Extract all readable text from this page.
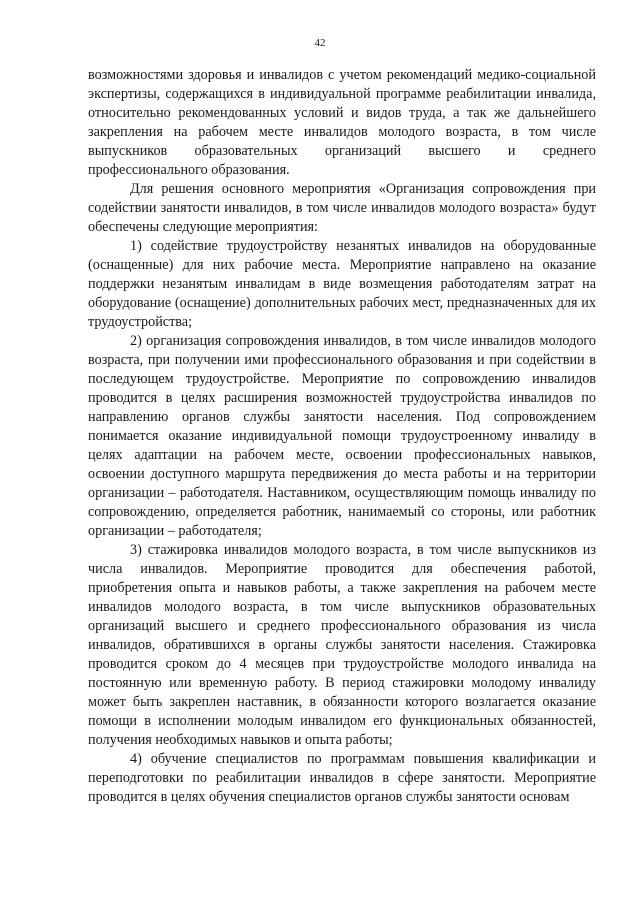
42

возможностями здоровья и инвалидов с учетом рекомендаций медико-социальной экспертизы, содержащихся в индивидуальной программе реабилитации инвалида, относительно рекомендованных условий и видов труда, а так же дальнейшего закрепления на рабочем месте инвалидов молодого возраста, в том числе выпускников образовательных организаций высшего и среднего профессионального образования.

Для решения основного мероприятия «Организация сопровождения при содействии занятости инвалидов, в том числе инвалидов молодого возраста» будут обеспечены следующие мероприятия:

1) содействие трудоустройству незанятых инвалидов на оборудованные (оснащенные) для них рабочие места. Мероприятие направлено на оказание поддержки незанятым инвалидам в виде возмещения работодателям затрат на оборудование (оснащение) дополнительных рабочих мест, предназначенных для их трудоустройства;

2) организация сопровождения инвалидов, в том числе инвалидов молодого возраста, при получении ими профессионального образования и при содействии в последующем трудоустройстве. Мероприятие по сопровождению инвалидов проводится в целях расширения возможностей трудоустройства инвалидов по направлению органов службы занятости населения. Под сопровождением понимается оказание индивидуальной помощи трудоустроенному инвалиду в целях адаптации на рабочем месте, освоении профессиональных навыков, освоении доступного маршрута передвижения до места работы и на территории организации – работодателя. Наставником, осуществляющим помощь инвалиду по сопровождению, определяется работник, нанимаемый со стороны, или работник организации – работодателя;

3) стажировка инвалидов молодого возраста, в том числе выпускников из числа инвалидов. Мероприятие проводится для обеспечения работой, приобретения опыта и навыков работы, а также закрепления на рабочем месте инвалидов молодого возраста, в том числе выпускников образовательных организаций высшего и среднего профессионального образования из числа инвалидов, обратившихся в органы службы занятости населения. Стажировка проводится сроком до 4 месяцев при трудоустройстве молодого инвалида на постоянную или временную работу. В период стажировки молодому инвалиду может быть закреплен наставник, в обязанности которого возлагается оказание помощи в исполнении молодым инвалидом его функциональных обязанностей, получения необходимых навыков и опыта работы;

4) обучение специалистов по программам повышения квалификации и переподготовки по реабилитации инвалидов в сфере занятости. Мероприятие проводится в целях обучения специалистов органов службы занятости основам
